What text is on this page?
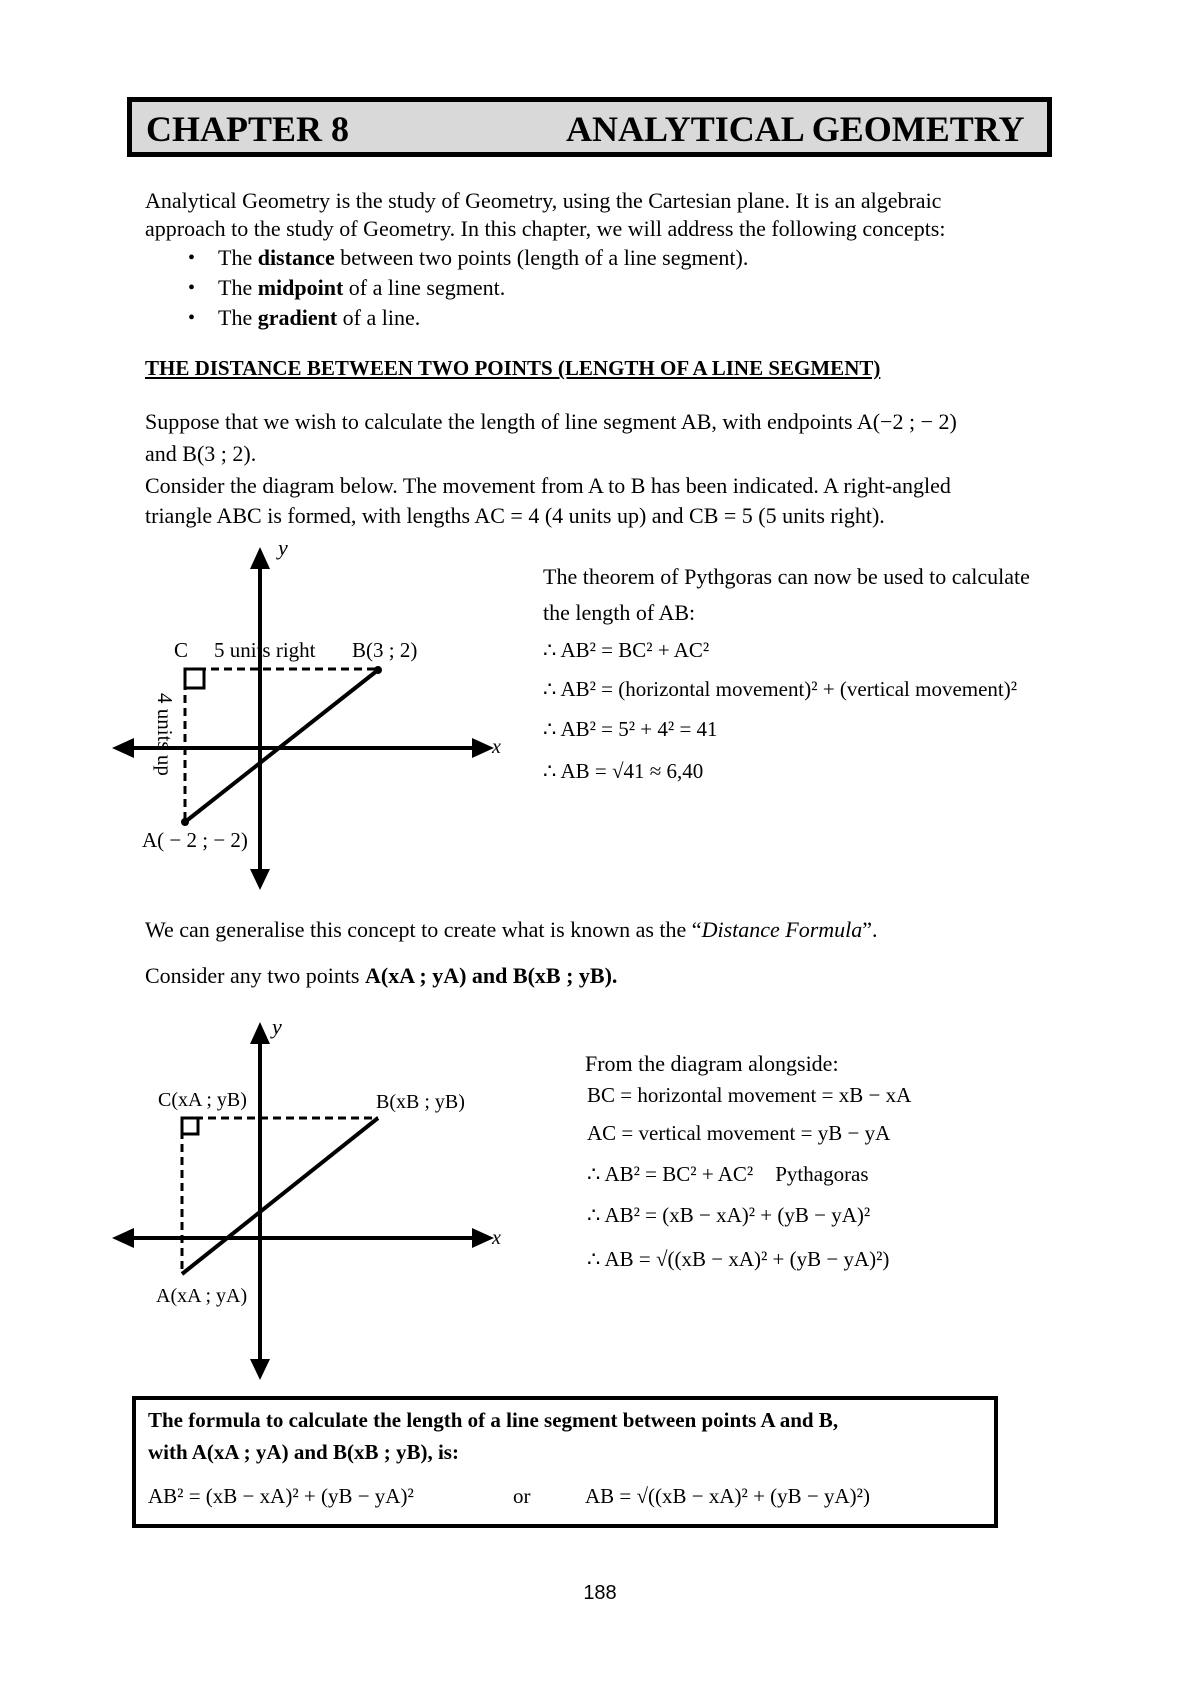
CHAPTER 8	ANALYTICAL GEOMETRY
Analytical Geometry is the study of Geometry, using the Cartesian plane. It is an algebraic
approach to the study of Geometry. In this chapter, we will address the following concepts:
• The distance between two points (length of a line segment).
• The midpoint of a line segment.
• The gradient of a line.
THE DISTANCE BETWEEN TWO POINTS (LENGTH OF A LINE SEGMENT)
Suppose that we wish to calculate the length of line segment AB, with endpoints A(−2 ; − 2)
and B(3 ; 2).
Consider the diagram below. The movement from A to B has been indicated. A right-angled
triangle ABC is formed, with lengths AC = 4 (4 units up) and CB = 5 (5 units right).
y
x
C 5 units right B(3 ; 2)
4 units up
A( − 2 ; − 2)
The theorem of Pythgoras can now be used to calculate
the length of AB:
∴ AB² = BC² + AC²
∴ AB² = (horizontal movement)² + (vertical movement)²
∴ AB² = 5² + 4² = 41
∴ AB = √41 ≈ 6,40
We can generalise this concept to create what is known as the “Distance Formula”.
Consider any two points A(xA ; yA) and B(xB ; yB).
y
x
C(xA ; yB)	B(xB ; yB)
A(xA ; yA)
From the diagram alongside:
BC = horizontal movement = xB − xA
AC = vertical movement = yB − yA
∴ AB² = BC² + AC² Pythagoras
∴ AB² = (xB − xA)² + (yB − yA)²
∴ AB = √((xB − xA)² + (yB − yA)²)
The formula to calculate the length of a line segment between points A and B,
with A(xA ; yA) and B(xB ; yB), is:
AB² = (xB − xA)² + (yB − yA)²	or	AB = √((xB − xA)² + (yB − yA)²)
188
